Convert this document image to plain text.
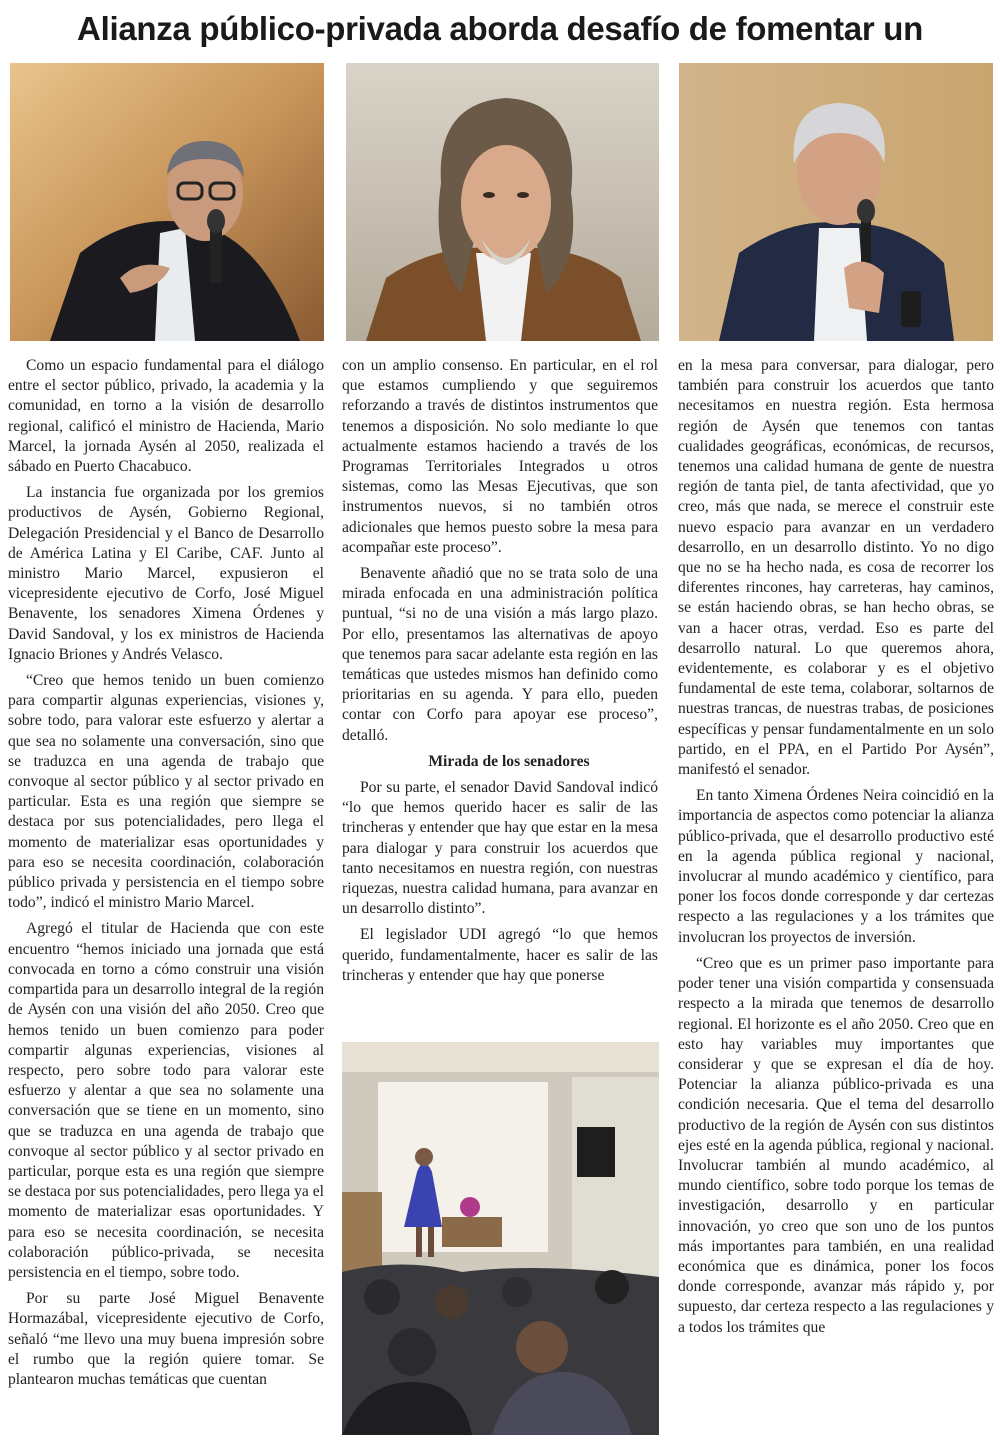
Alianza público-privada aborda desafío de fomentar un

Como un espacio fundamental para el diálogo entre el sector público, privado, la academia y la comunidad, en torno a la visión de desarrollo regional, calificó el ministro de Hacienda, Mario Marcel, la jornada Aysén al 2050, realizada el sábado en Puerto Chacabuco.

La instancia fue organizada por los gremios productivos de Aysén, Gobierno Regional, Delegación Presidencial y el Banco de Desarrollo de América Latina y El Caribe, CAF. Junto al ministro Mario Marcel, expusieron el vicepresidente ejecutivo de Corfo, José Miguel Benavente, los senadores Ximena Órdenes y David Sandoval, y los ex ministros de Hacienda Ignacio Briones y Andrés Velasco.

“Creo que hemos tenido un buen comienzo para compartir algunas experiencias, visiones y, sobre todo, para valorar este esfuerzo y alertar a que sea no solamente una conversación, sino que se traduzca en una agenda de trabajo que convoque al sector público y al sector privado en particular. Esta es una región que siempre se destaca por sus potencialidades, pero llega el momento de materializar esas oportunidades y para eso se necesita coordinación, colaboración público privada y persistencia en el tiempo sobre todo”, indicó el ministro Mario Marcel.

Agregó el titular de Hacienda que con este encuentro “hemos iniciado una jornada que está convocada en torno a cómo construir una visión compartida para un desarrollo integral de la región de Aysén con una visión del año 2050. Creo que hemos tenido un buen comienzo para poder compartir algunas experiencias, visiones al respecto, pero sobre todo para valorar este esfuerzo y alentar a que sea no solamente una conversación que se tiene en un momento, sino que se traduzca en una agenda de trabajo que convoque al sector público y al sector privado en particular, porque esta es una región que siempre se destaca por sus potencialidades, pero llega ya el momento de materializar esas oportunidades. Y para eso se necesita coordinación, se necesita colaboración público-privada, se necesita persistencia en el tiempo, sobre todo.

Por su parte José Miguel Benavente Hormazábal, vicepresidente ejecutivo de Corfo, señaló “me llevo una muy buena impresión sobre el rumbo que la región quiere tomar. Se plantearon muchas temáticas que cuentan

con un amplio consenso. En particular, en el rol que estamos cumpliendo y que seguiremos reforzando a través de distintos instrumentos que tenemos a disposición. No solo mediante lo que actualmente estamos haciendo a través de los Programas Territoriales Integrados u otros sistemas, como las Mesas Ejecutivas, que son instrumentos nuevos, si no también otros adicionales que hemos puesto sobre la mesa para acompañar este proceso”.

Benavente añadió que no se trata solo de una mirada enfocada en una administración política puntual, “si no de una visión a más largo plazo. Por ello, presentamos las alternativas de apoyo que tenemos para sacar adelante esta región en las temáticas que ustedes mismos han definido como prioritarias en su agenda. Y para ello, pueden contar con Corfo para apoyar ese proceso”, detalló.

Mirada de los senadores

Por su parte, el senador David Sandoval indicó “lo que hemos querido hacer es salir de las trincheras y entender que hay que estar en la mesa para dialogar y para construir los acuerdos que tanto necesitamos en nuestra región, con nuestras riquezas, nuestra calidad humana, para avanzar en un desarrollo distinto”.

El legislador UDI agregó “lo que hemos querido, fundamentalmente, hacer es salir de las trincheras y entender que hay que ponerse

en la mesa para conversar, para dialogar, pero también para construir los acuerdos que tanto necesitamos en nuestra región. Esta hermosa región de Aysén que tenemos con tantas cualidades geográficas, económicas, de recursos, tenemos una calidad humana de gente de nuestra región de tanta piel, de tanta afectividad, que yo creo, más que nada, se merece el construir este nuevo espacio para avanzar en un verdadero desarrollo, en un desarrollo distinto. Yo no digo que no se ha hecho nada, es cosa de recorrer los diferentes rincones, hay carreteras, hay caminos, se están haciendo obras, se han hecho obras, se van a hacer otras, verdad. Eso es parte del desarrollo natural. Lo que queremos ahora, evidentemente, es colaborar y es el objetivo fundamental de este tema, colaborar, soltarnos de nuestras trancas, de nuestras trabas, de posiciones específicas y pensar fundamentalmente en un solo partido, en el PPA, en el Partido Por Aysén”, manifestó el senador.

En tanto Ximena Órdenes Neira coincidió en la importancia de aspectos como potenciar la alianza público-privada, que el desarrollo productivo esté en la agenda pública regional y nacional, involucrar al mundo académico y científico, para poner los focos donde corresponde y dar certezas respecto a las regulaciones y a los trámites que involucran los proyectos de inversión.

“Creo que es un primer paso importante para poder tener una visión compartida y consensuada respecto a la mirada que tenemos de desarrollo regional. El horizonte es el año 2050. Creo que en esto hay variables muy importantes que considerar y que se expresan el día de hoy. Potenciar la alianza público-privada es una condición necesaria. Que el tema del desarrollo productivo de la región de Aysén con sus distintos ejes esté en la agenda pública, regional y nacional. Involucrar también al mundo académico, al mundo científico, sobre todo porque los temas de investigación, desarrollo y en particular innovación, yo creo que son uno de los puntos más importantes para también, en una realidad económica que es dinámica, poner los focos donde corresponde, avanzar más rápido y, por supuesto, dar certeza respecto a las regulaciones y a todos los trámites que
